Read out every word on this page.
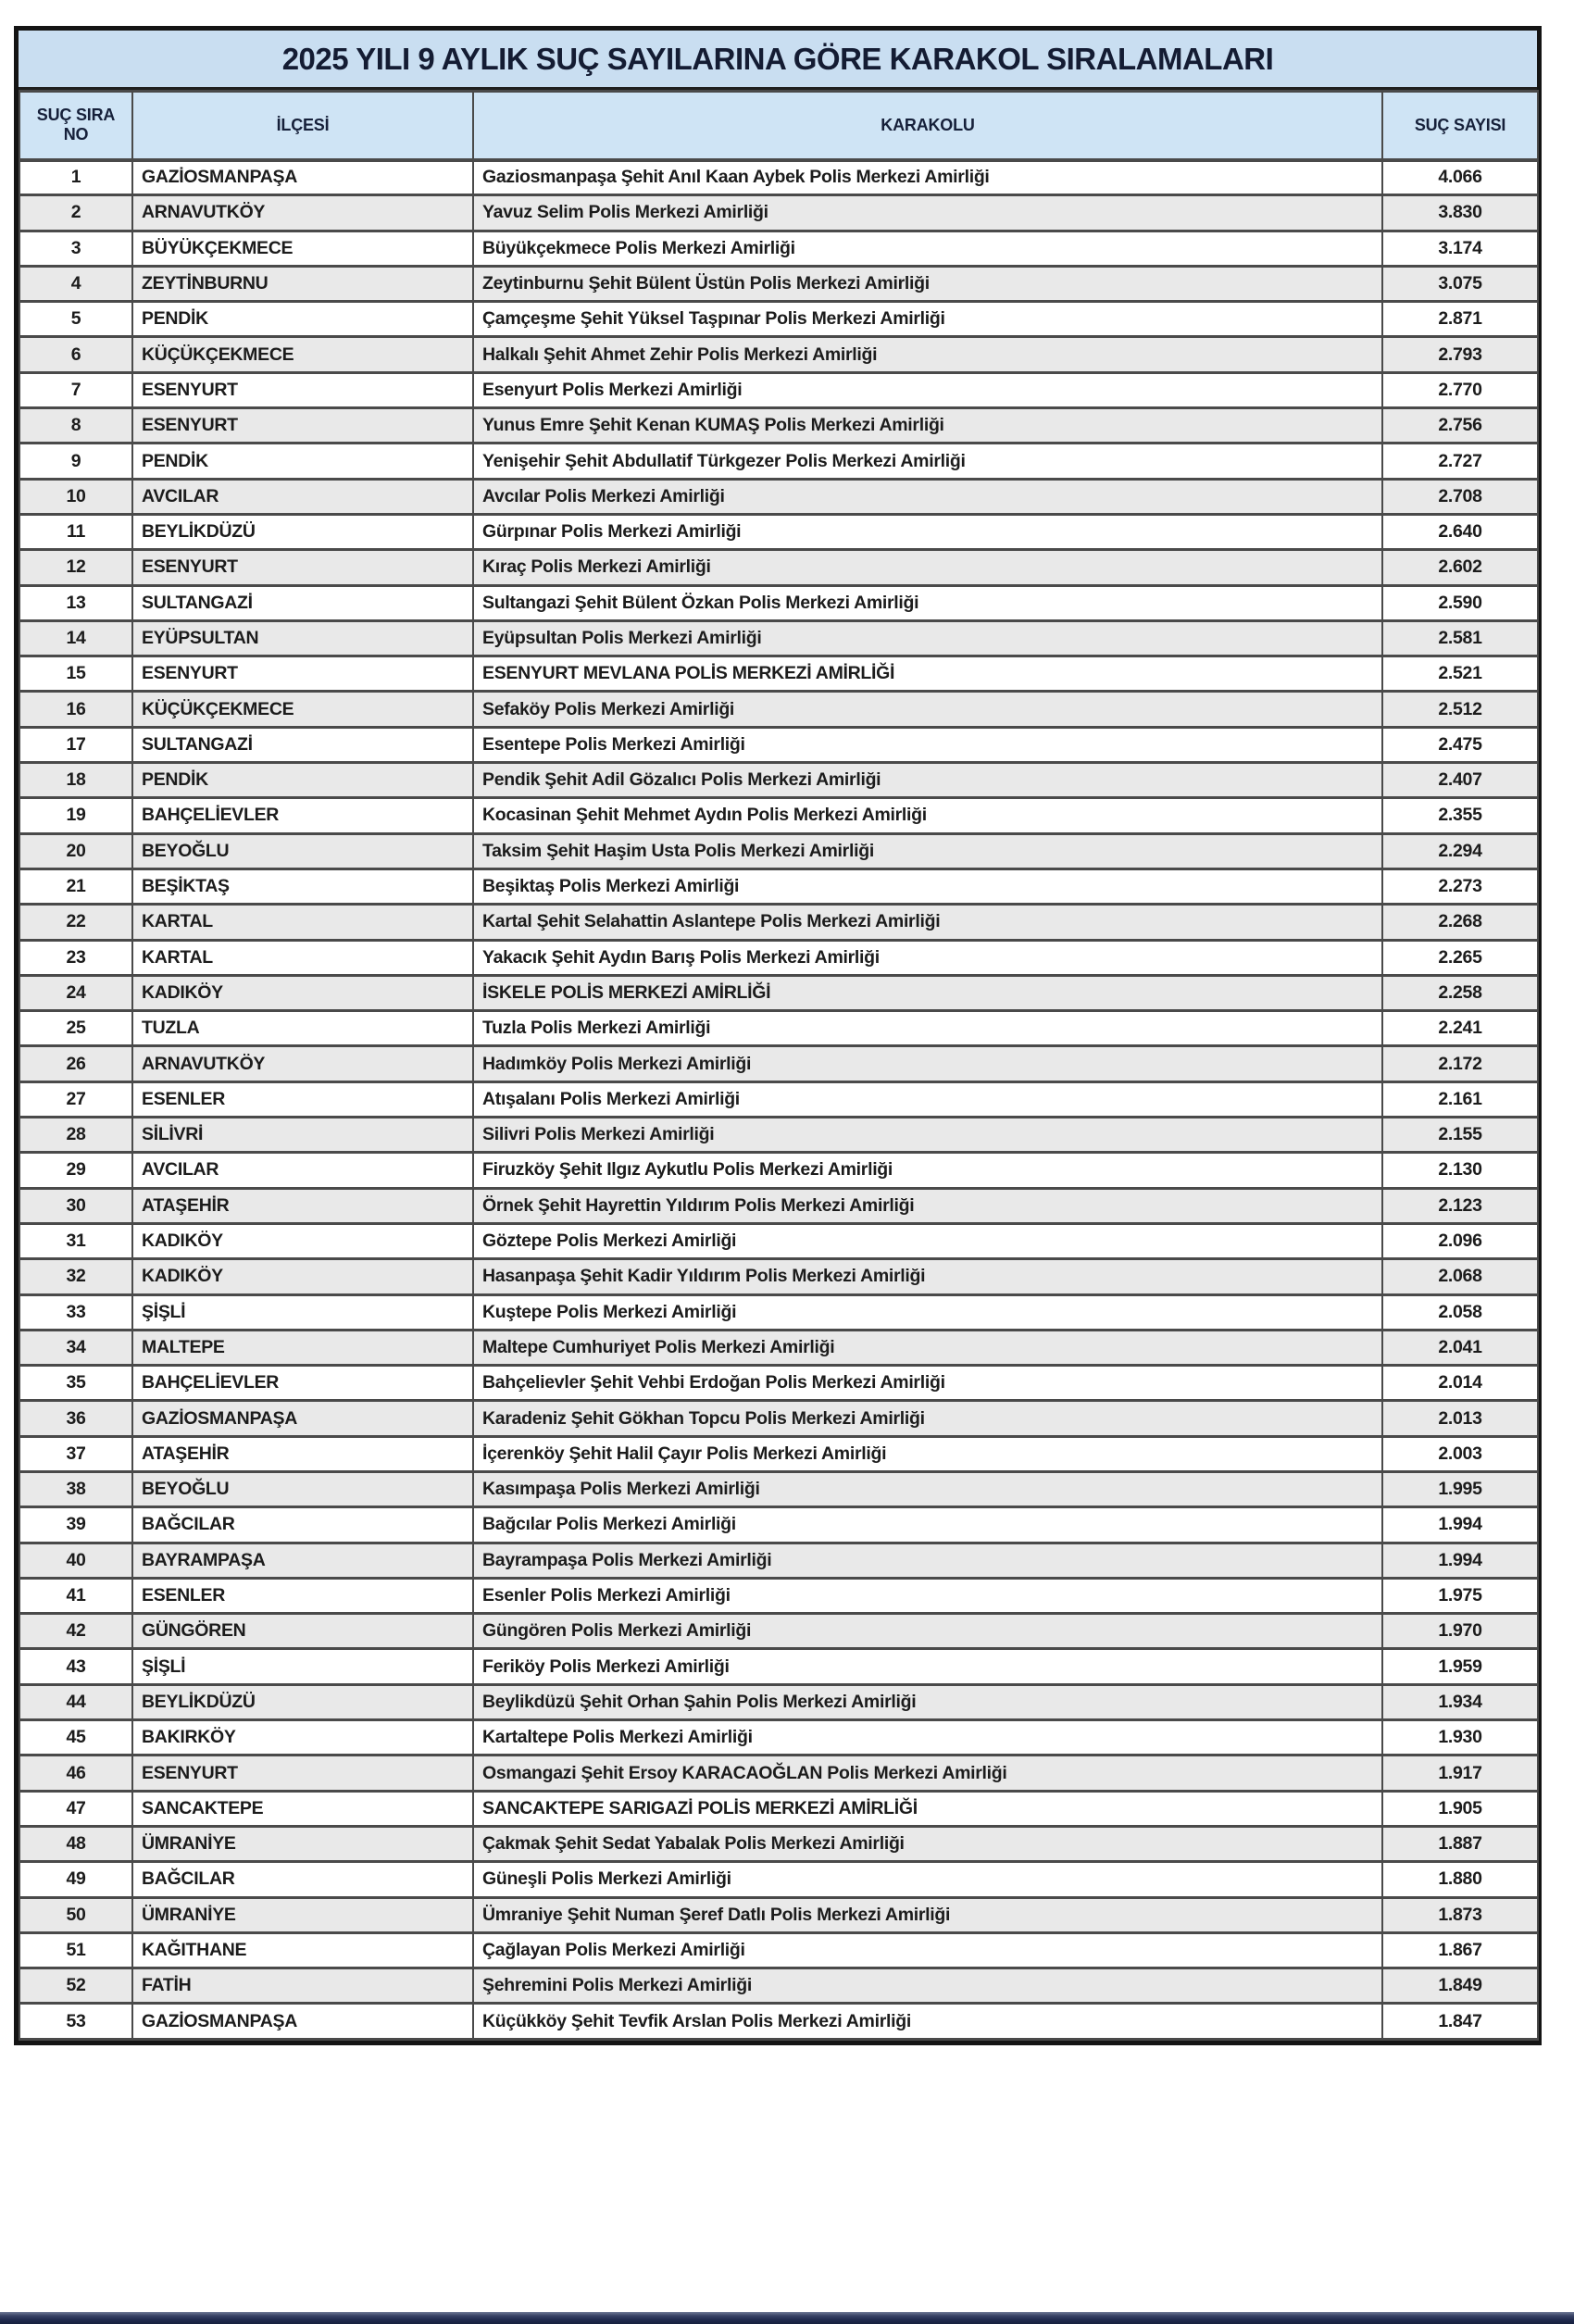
2025 YILI 9 AYLIK SUÇ SAYILARINA GÖRE KARAKOL SIRALAMALARI
SUÇ SIRA NO	İLÇESİ	KARAKOLU	SUÇ SAYISI
1	GAZİOSMANPAŞA	Gaziosmanpaşa Şehit Anıl Kaan Aybek Polis Merkezi Amirliği	4.066
2	ARNAVUTKÖY	Yavuz Selim Polis Merkezi Amirliği	3.830
3	BÜYÜKÇEKMECE	Büyükçekmece Polis Merkezi Amirliği	3.174
4	ZEYTİNBURNU	Zeytinburnu Şehit Bülent Üstün Polis Merkezi Amirliği	3.075
5	PENDİK	Çamçeşme Şehit Yüksel Taşpınar Polis Merkezi Amirliği	2.871
6	KÜÇÜKÇEKMECE	Halkalı Şehit Ahmet Zehir Polis Merkezi Amirliği	2.793
7	ESENYURT	Esenyurt Polis Merkezi Amirliği	2.770
8	ESENYURT	Yunus Emre Şehit Kenan KUMAŞ Polis Merkezi Amirliği	2.756
9	PENDİK	Yenişehir Şehit Abdullatif Türkgezer Polis Merkezi Amirliği	2.727
10	AVCILAR	Avcılar Polis Merkezi Amirliği	2.708
11	BEYLİKDÜZÜ	Gürpınar Polis Merkezi Amirliği	2.640
12	ESENYURT	Kıraç Polis Merkezi Amirliği	2.602
13	SULTANGAZİ	Sultangazi Şehit Bülent Özkan Polis Merkezi Amirliği	2.590
14	EYÜPSULTAN	Eyüpsultan Polis Merkezi Amirliği	2.581
15	ESENYURT	ESENYURT MEVLANA POLİS MERKEZİ AMİRLİĞİ	2.521
16	KÜÇÜKÇEKMECE	Sefaköy Polis Merkezi Amirliği	2.512
17	SULTANGAZİ	Esentepe Polis Merkezi Amirliği	2.475
18	PENDİK	Pendik Şehit Adil Gözalıcı Polis Merkezi Amirliği	2.407
19	BAHÇELİEVLER	Kocasinan Şehit Mehmet Aydın Polis Merkezi Amirliği	2.355
20	BEYOĞLU	Taksim Şehit Haşim Usta Polis Merkezi Amirliği	2.294
21	BEŞİKTAŞ	Beşiktaş Polis Merkezi Amirliği	2.273
22	KARTAL	Kartal Şehit Selahattin Aslantepe Polis Merkezi Amirliği	2.268
23	KARTAL	Yakacık Şehit Aydın Barış Polis Merkezi Amirliği	2.265
24	KADIKÖY	İSKELE POLİS MERKEZİ AMİRLİĞİ	2.258
25	TUZLA	Tuzla Polis Merkezi Amirliği	2.241
26	ARNAVUTKÖY	Hadımköy Polis Merkezi Amirliği	2.172
27	ESENLER	Atışalanı Polis Merkezi Amirliği	2.161
28	SİLİVRİ	Silivri Polis Merkezi Amirliği	2.155
29	AVCILAR	Firuzköy Şehit Ilgız Aykutlu Polis Merkezi Amirliği	2.130
30	ATAŞEHİR	Örnek Şehit Hayrettin Yıldırım Polis Merkezi Amirliği	2.123
31	KADIKÖY	Göztepe Polis Merkezi Amirliği	2.096
32	KADIKÖY	Hasanpaşa Şehit Kadir Yıldırım Polis Merkezi Amirliği	2.068
33	ŞİŞLİ	Kuştepe Polis Merkezi Amirliği	2.058
34	MALTEPE	Maltepe Cumhuriyet Polis Merkezi Amirliği	2.041
35	BAHÇELİEVLER	Bahçelievler Şehit Vehbi Erdoğan Polis Merkezi Amirliği	2.014
36	GAZİOSMANPAŞA	Karadeniz Şehit Gökhan Topcu Polis Merkezi Amirliği	2.013
37	ATAŞEHİR	İçerenköy Şehit Halil Çayır Polis Merkezi Amirliği	2.003
38	BEYOĞLU	Kasımpaşa Polis Merkezi Amirliği	1.995
39	BAĞCILAR	Bağcılar Polis Merkezi Amirliği	1.994
40	BAYRAMPAŞA	Bayrampaşa Polis Merkezi Amirliği	1.994
41	ESENLER	Esenler Polis Merkezi Amirliği	1.975
42	GÜNGÖREN	Güngören Polis Merkezi Amirliği	1.970
43	ŞİŞLİ	Feriköy Polis Merkezi Amirliği	1.959
44	BEYLİKDÜZÜ	Beylikdüzü Şehit Orhan Şahin Polis Merkezi Amirliği	1.934
45	BAKIRKÖY	Kartaltepe Polis Merkezi Amirliği	1.930
46	ESENYURT	Osmangazi Şehit Ersoy KARACAOĞLAN Polis Merkezi Amirliği	1.917
47	SANCAKTEPE	SANCAKTEPE SARIGAZİ POLİS MERKEZİ AMİRLİĞİ	1.905
48	ÜMRANİYE	Çakmak Şehit Sedat Yabalak Polis Merkezi Amirliği	1.887
49	BAĞCILAR	Güneşli Polis Merkezi Amirliği	1.880
50	ÜMRANİYE	Ümraniye Şehit Numan Şeref Datlı Polis Merkezi Amirliği	1.873
51	KAĞITHANE	Çağlayan Polis Merkezi Amirliği	1.867
52	FATİH	Şehremini Polis Merkezi Amirliği	1.849
53	GAZİOSMANPAŞA	Küçükköy Şehit Tevfik Arslan Polis Merkezi Amirliği	1.847
